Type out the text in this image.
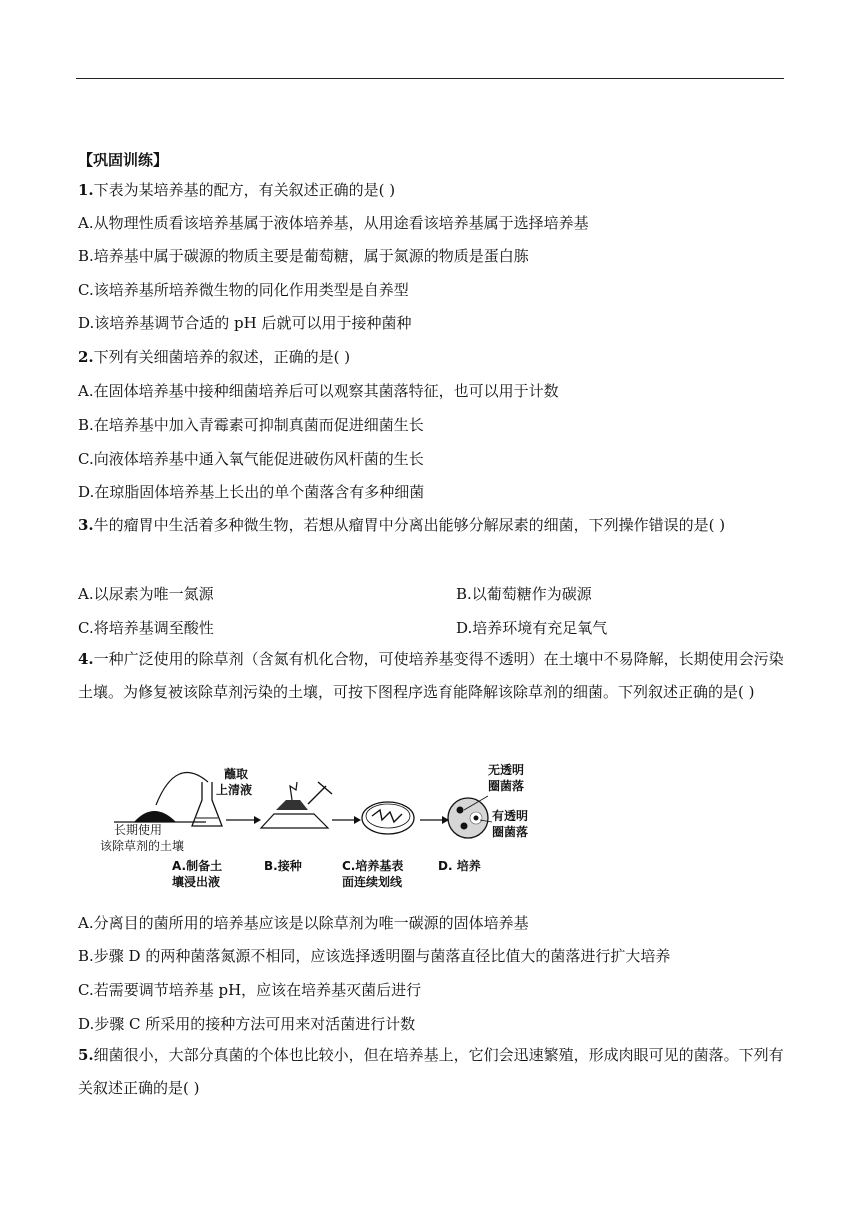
【巩固训练】
1.下表为某培养基的配方，有关叙述正确的是( )
A.从物理性质看该培养基属于液体培养基，从用途看该培养基属于选择培养基
B.培养基中属于碳源的物质主要是葡萄糖，属于氮源的物质是蛋白胨
C.该培养基所培养微生物的同化作用类型是自养型
D.该培养基调节合适的 pH 后就可以用于接种菌种
2.下列有关细菌培养的叙述，正确的是( )
A.在固体培养基中接种细菌培养后可以观察其菌落特征，也可以用于计数
B.在培养基中加入青霉素可抑制真菌而促进细菌生长
C.向液体培养基中通入氧气能促进破伤风杆菌的生长
D.在琼脂固体培养基上长出的单个菌落含有多种细菌
3.牛的瘤胃中生活着多种微生物，若想从瘤胃中分离出能够分解尿素的细菌，下列操作错误的是( )
A.以尿素为唯一氮源	B.以葡萄糖作为碳源
C.将培养基调至酸性	D.培养环境有充足氧气
4.一种广泛使用的除草剂（含氮有机化合物，可使培养基变得不透明）在土壤中不易降解，长期使用会污染土壤。为修复被该除草剂污染的土壤，可按下图程序选育能降解该除草剂的细菌。下列叙述正确的是( )
长期使用
该除草剂的土壤
蘸取
上清液
无透明
圈菌落
有透明
圈菌落
A.制备土
壤浸出液
B.接种	C.培养基表
面连续划线
D. 培养
A.分离目的菌所用的培养基应该是以除草剂为唯一碳源的固体培养基
B.步骤 D 的两种菌落氮源不相同，应该选择透明圈与菌落直径比值大的菌落进行扩大培养
C.若需要调节培养基 pH，应该在培养基灭菌后进行
D.步骤 C 所采用的接种方法可用来对活菌进行计数
5.细菌很小，大部分真菌的个体也比较小，但在培养基上，它们会迅速繁殖，形成肉眼可见的菌落。下列有关叙述正确的是( )
